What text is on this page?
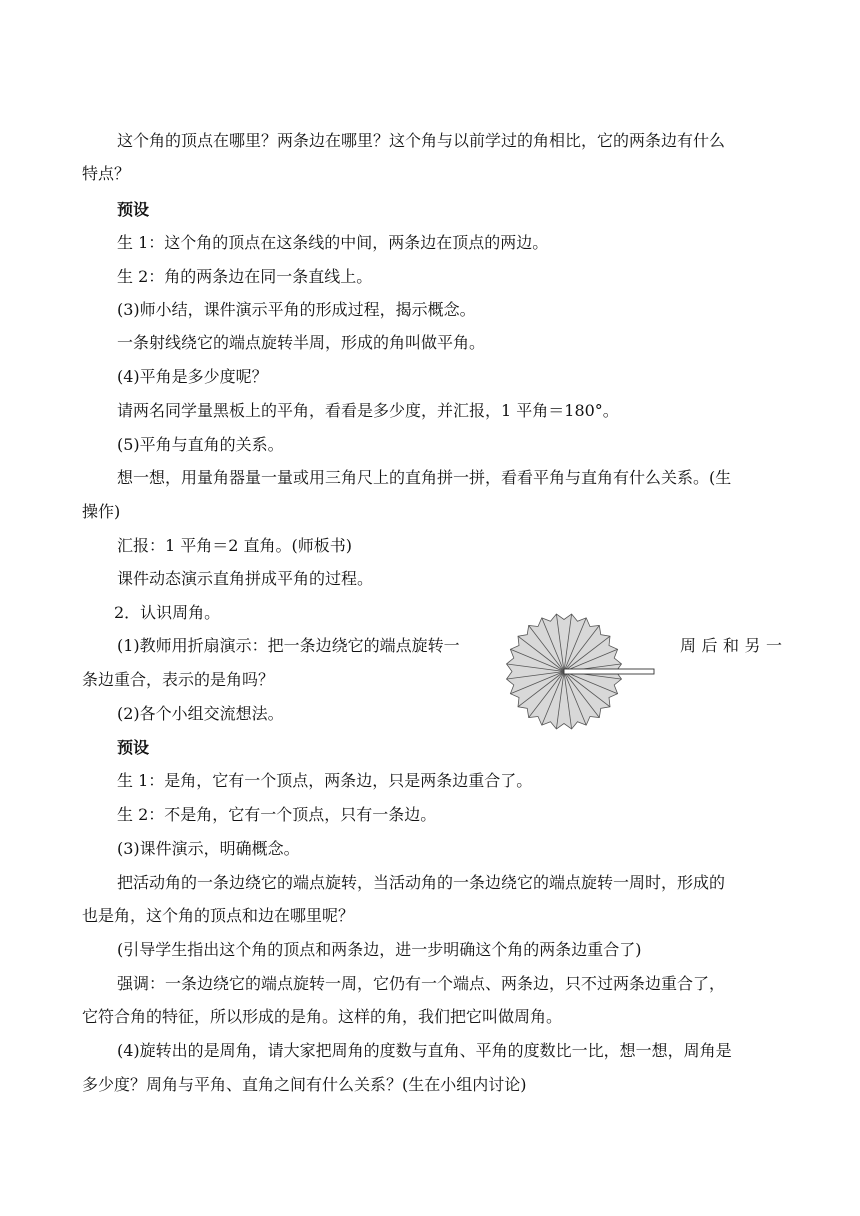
这个角的顶点在哪里？两条边在哪里？这个角与以前学过的角相比，它的两条边有什么
特点？
预设
生 1：这个角的顶点在这条线的中间，两条边在顶点的两边。
生 2：角的两条边在同一条直线上。
(3)师小结，课件演示平角的形成过程，揭示概念。
一条射线绕它的端点旋转半周，形成的角叫做平角。
(4)平角是多少度呢？
请两名同学量黑板上的平角，看看是多少度，并汇报，1 平角＝180°。
(5)平角与直角的关系。
想一想，用量角器量一量或用三角尺上的直角拼一拼，看看平角与直角有什么关系。(生
操作)
汇报：1 平角＝2 直角。(师板书)
课件动态演示直角拼成平角的过程。
2．认识周角。
(1)教师用折扇演示：把一条边绕它的端点旋转一	周后和另一
条边重合，表示的是角吗？
(2)各个小组交流想法。
预设
生 1：是角，它有一个顶点，两条边，只是两条边重合了。
生 2：不是角，它有一个顶点，只有一条边。
(3)课件演示，明确概念。
把活动角的一条边绕它的端点旋转，当活动角的一条边绕它的端点旋转一周时，形成的
也是角，这个角的顶点和边在哪里呢？
(引导学生指出这个角的顶点和两条边，进一步明确这个角的两条边重合了)
强调：一条边绕它的端点旋转一周，它仍有一个端点、两条边，只不过两条边重合了，
它符合角的特征，所以形成的是角。这样的角，我们把它叫做周角。
(4)旋转出的是周角，请大家把周角的度数与直角、平角的度数比一比，想一想，周角是
多少度？周角与平角、直角之间有什么关系？(生在小组内讨论)
